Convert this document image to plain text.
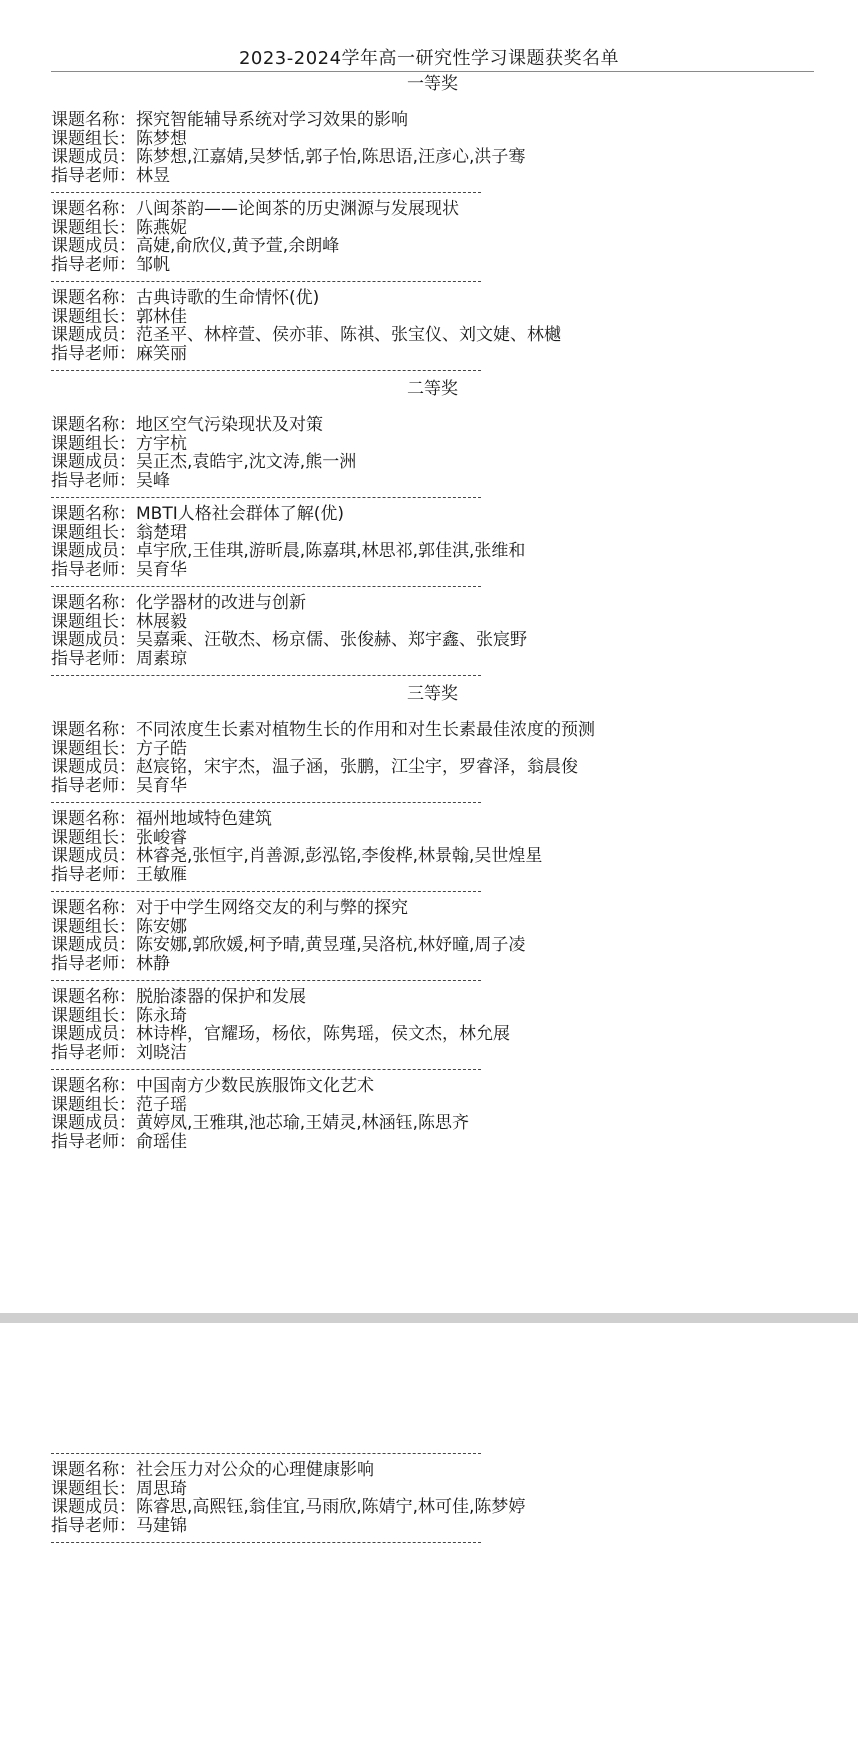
2023-2024学年高一研究性学习课题获奖名单
一等奖
课题名称：探究智能辅导系统对学习效果的影响
课题组长：陈梦想
课题成员：陈梦想,江嘉婧,吴梦恬,郭子怡,陈思语,汪彦心,洪子骞
指导老师：林昱
课题名称：八闽茶韵——论闽茶的历史渊源与发展现状
课题组长：陈燕妮
课题成员：高婕,俞欣仪,黄予萱,余朗峰
指导老师：邹帆
课题名称：古典诗歌的生命情怀(优)
课题组长：郭林佳
课题成员：范圣平、林梓萱、侯亦菲、陈祺、张宝仪、刘文婕、林樾
指导老师：麻笑丽
二等奖
课题名称：地区空气污染现状及对策
课题组长：方宇杭
课题成员：吴正杰,袁皓宇,沈文涛,熊一洲
指导老师：吴峰
课题名称：MBTI人格社会群体了解(优)
课题组长：翁楚珺
课题成员：卓宇欣,王佳琪,游昕晨,陈嘉琪,林思祁,郭佳淇,张维和
指导老师：吴育华
课题名称：化学器材的改进与创新
课题组长：林展毅
课题成员：吴嘉乘、汪敬杰、杨京儒、张俊赫、郑宇鑫、张宸野
指导老师：周素琼
三等奖
课题名称：不同浓度生长素对植物生长的作用和对生长素最佳浓度的预测
课题组长：方子皓
课题成员：赵宸铭，宋宇杰，温子涵，张鹏，江尘宇，罗睿泽，翁晨俊
指导老师：吴育华
课题名称：福州地域特色建筑
课题组长：张峻睿
课题成员：林睿尧,张恒宇,肖善源,彭泓铭,李俊桦,林景翰,吴世煌星
指导老师：王敏雁
课题名称：对于中学生网络交友的利与弊的探究
课题组长：陈安娜
课题成员：陈安娜,郭欣媛,柯予晴,黄昱瑾,吴洛杭,林妤曈,周子凌
指导老师：林静
课题名称：脱胎漆器的保护和发展
课题组长：陈永琦
课题成员：林诗桦，官耀玚，杨依，陈隽瑶，侯文杰，林允展
指导老师：刘晓洁
课题名称：中国南方少数民族服饰文化艺术
课题组长：范子瑶
课题成员：黄婷凤,王雅琪,池芯瑜,王婧灵,林涵钰,陈思齐
指导老师：俞瑶佳
课题名称：社会压力对公众的心理健康影响
课题组长：周思琦
课题成员：陈睿思,高熙钰,翁佳宜,马雨欣,陈婧宁,林可佳,陈梦婷
指导老师：马建锦
